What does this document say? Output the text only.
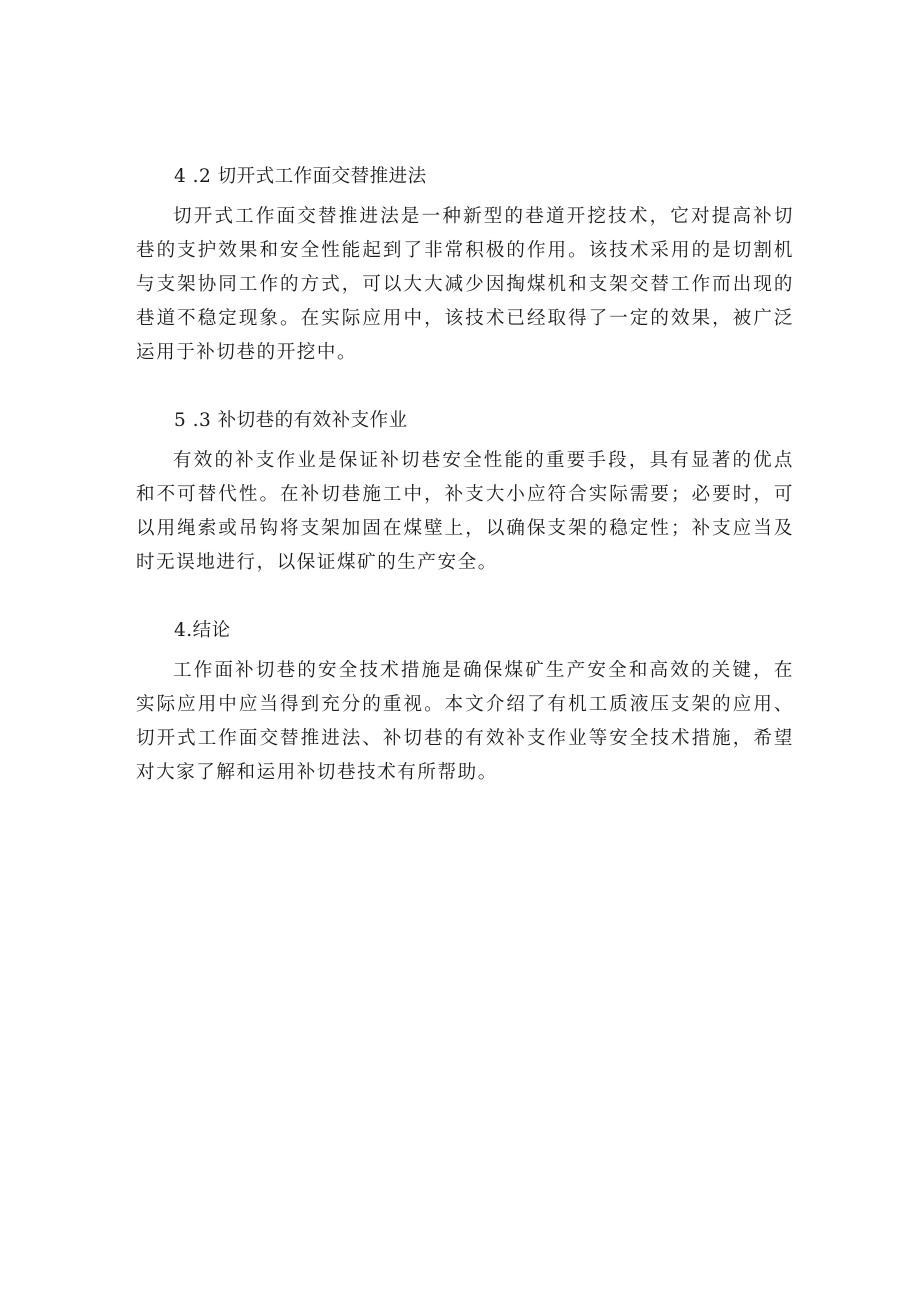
4 .2 切开式工作面交替推进法

切开式工作面交替推进法是一种新型的巷道开挖技术，它对提高补切巷的支护效果和安全性能起到了非常积极的作用。该技术采用的是切割机与支架协同工作的方式，可以大大减少因掏煤机和支架交替工作而出现的巷道不稳定现象。在实际应用中，该技术已经取得了一定的效果，被广泛运用于补切巷的开挖中。

5 .3 补切巷的有效补支作业

有效的补支作业是保证补切巷安全性能的重要手段，具有显著的优点和不可替代性。在补切巷施工中，补支大小应符合实际需要；必要时，可以用绳索或吊钩将支架加固在煤壁上，以确保支架的稳定性；补支应当及时无误地进行，以保证煤矿的生产安全。

4.结论

工作面补切巷的安全技术措施是确保煤矿生产安全和高效的关键，在实际应用中应当得到充分的重视。本文介绍了有机工质液压支架的应用、切开式工作面交替推进法、补切巷的有效补支作业等安全技术措施，希望对大家了解和运用补切巷技术有所帮助。
